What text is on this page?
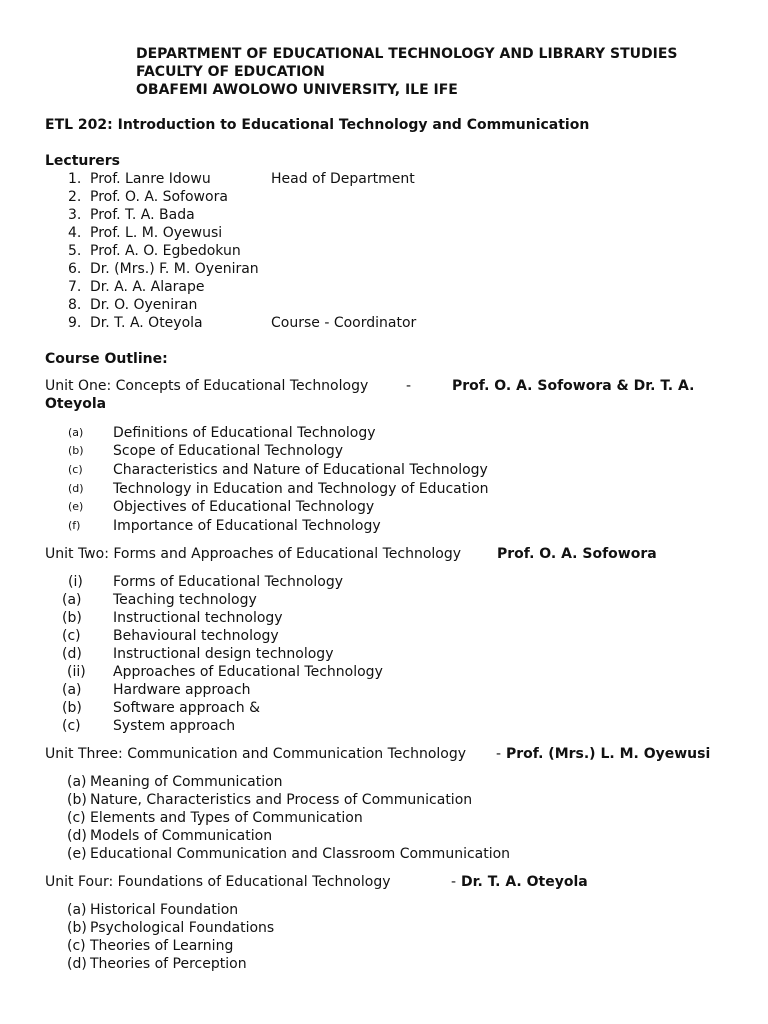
DEPARTMENT OF EDUCATIONAL TECHNOLOGY AND LIBRARY STUDIES
FACULTY OF EDUCATION
OBAFEMI AWOLOWO UNIVERSITY, ILE IFE
ETL 202: Introduction to Educational Technology and Communication
Lecturers
1. Prof. Lanre Idowu	Head of Department
2. Prof. O. A. Sofowora
3. Prof. T. A. Bada
4. Prof. L. M. Oyewusi
5. Prof. A. O. Egbedokun
6. Dr. (Mrs.) F. M. Oyeniran
7. Dr. A. A. Alarape
8. Dr. O. Oyeniran
9. Dr. T. A. Oteyola	Course - Coordinator
Course Outline:
Unit One: Concepts of Educational Technology	-	Prof. O. A. Sofowora & Dr. T. A.
Oteyola
(a) Definitions of Educational Technology
(b) Scope of Educational Technology
(c) Characteristics and Nature of Educational Technology
(d) Technology in Education and Technology of Education
(e) Objectives of Educational Technology
(f) Importance of Educational Technology
Unit Two: Forms and Approaches of Educational Technology	Prof. O. A. Sofowora
(i) Forms of Educational Technology
(a) Teaching technology
(b) Instructional technology
(c) Behavioural technology
(d) Instructional design technology
(ii) Approaches of Educational Technology
(a) Hardware approach
(b) Software approach &
(c) System approach
Unit Three: Communication and Communication Technology - Prof. (Mrs.) L. M. Oyewusi
(a) Meaning of Communication
(b) Nature, Characteristics and Process of Communication
(c) Elements and Types of Communication
(d) Models of Communication
(e) Educational Communication and Classroom Communication
Unit Four: Foundations of Educational Technology	- Dr. T. A. Oteyola
(a) Historical Foundation
(b) Psychological Foundations
(c) Theories of Learning
(d) Theories of Perception
